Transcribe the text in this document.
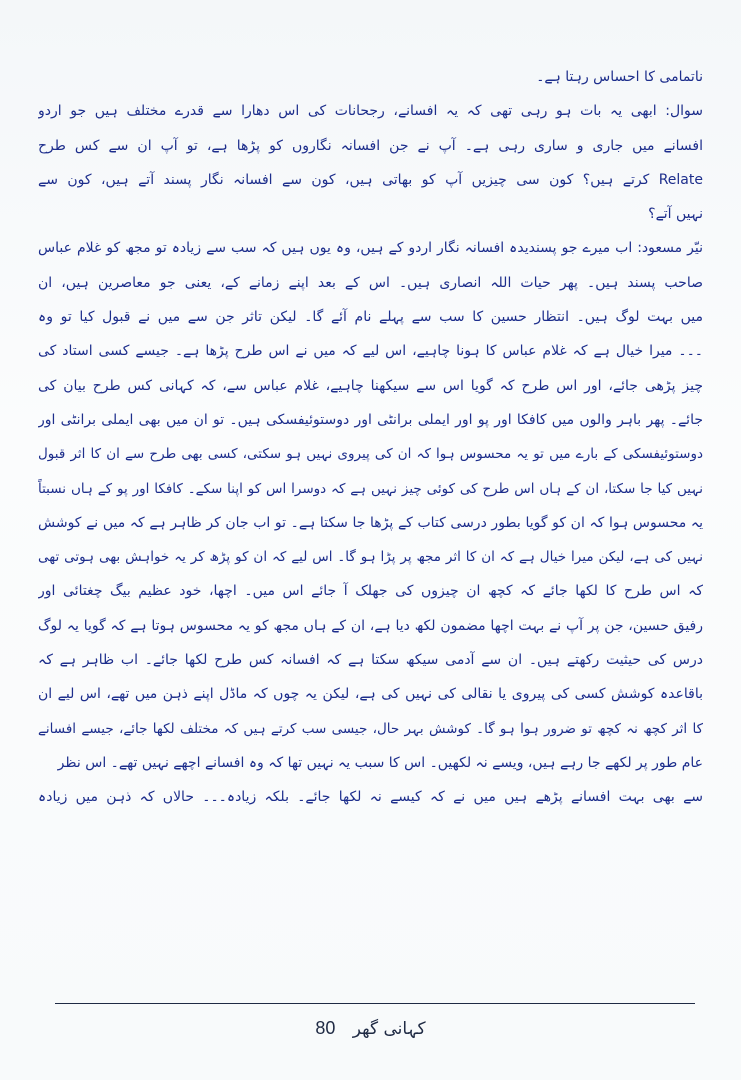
ناتمامی کا احساس رہتا ہے۔
سوال: ابھی یہ بات ہو رہی تھی کہ یہ افسانے، رجحانات کی اس دھارا سے قدرے مختلف ہیں جو اردو
افسانے میں جاری و ساری رہی ہے۔ آپ نے جن افسانہ نگاروں کو پڑھا ہے، تو آپ ان سے کس طرح
Relate کرتے ہیں؟ کون سی چیزیں آپ کو بھاتی ہیں، کون سے افسانہ نگار پسند آتے ہیں، کون سے
نہیں آتے؟
نیّر مسعود: اب میرے جو پسندیدہ افسانہ نگار اردو کے ہیں، وہ یوں ہیں کہ سب سے زیادہ تو مجھ کو غلام عباس
صاحب پسند ہیں۔ پھر حیات اللہ انصاری ہیں۔ اس کے بعد اپنے زمانے کے، یعنی جو معاصرین ہیں، ان
میں بہت لوگ ہیں۔ انتظار حسین کا سب سے پہلے نام آئے گا۔ لیکن تاثر جن سے میں نے قبول کیا تو وہ
۔۔۔ میرا خیال ہے کہ غلام عباس کا ہونا چاہیے، اس لیے کہ میں نے اس طرح پڑھا ہے۔ جیسے کسی استاد کی
چیز پڑھی جائے، اور اس طرح کہ گویا اس سے سیکھنا چاہیے، غلام عباس سے، کہ کہانی کس طرح بیان کی
جائے۔ پھر باہر والوں میں کافکا اور پو اور ایملی برانٹی اور دوستوئیفسکی ہیں۔ تو ان میں بھی ایملی برانٹی اور
دوستوئیفسکی کے بارے میں تو یہ محسوس ہوا کہ ان کی پیروی نہیں ہو سکتی، کسی بھی طرح سے ان کا اثر قبول
نہیں کیا جا سکتا، ان کے ہاں اس طرح کی کوئی چیز نہیں ہے کہ دوسرا اس کو اپنا سکے۔ کافکا اور پو کے ہاں نسبتاً
یہ محسوس ہوا کہ ان کو گویا بطور درسی کتاب کے پڑھا جا سکتا ہے۔ تو اب جان کر ظاہر ہے کہ میں نے کوشش
نہیں کی ہے، لیکن میرا خیال ہے کہ ان کا اثر مجھ پر پڑا ہو گا۔ اس لیے کہ ان کو پڑھ کر یہ خواہش بھی ہوتی تھی
کہ اس طرح کا لکھا جائے کہ کچھ ان چیزوں کی جھلک آ جائے اس میں۔ اچھا، خود عظیم بیگ چغتائی اور
رفیق حسین، جن پر آپ نے بہت اچھا مضمون لکھ دیا ہے، ان کے ہاں مجھ کو یہ محسوس ہوتا ہے کہ گویا یہ لوگ
درس کی حیثیت رکھتے ہیں۔ ان سے آدمی سیکھ سکتا ہے کہ افسانہ کس طرح لکھا جائے۔ اب ظاہر ہے کہ
باقاعدہ کوشش کسی کی پیروی یا نقالی کی نہیں کی ہے، لیکن یہ چوں کہ ماڈل اپنے ذہن میں تھے، اس لیے ان
کا اثر کچھ نہ کچھ تو ضرور ہوا ہو گا۔ کوشش بہر حال، جیسی سب کرتے ہیں کہ مختلف لکھا جائے، جیسے افسانے
عام طور پر لکھے جا رہے ہیں، ویسے نہ لکھیں۔ اس کا سبب یہ نہیں تھا کہ وہ افسانے اچھے نہیں تھے۔ اس نظر
سے بھی بہت افسانے پڑھے ہیں میں نے کہ کیسے نہ لکھا جائے۔ بلکہ زیادہ۔۔۔ حالاں کہ ذہن میں زیادہ
کہانی گھر 80
